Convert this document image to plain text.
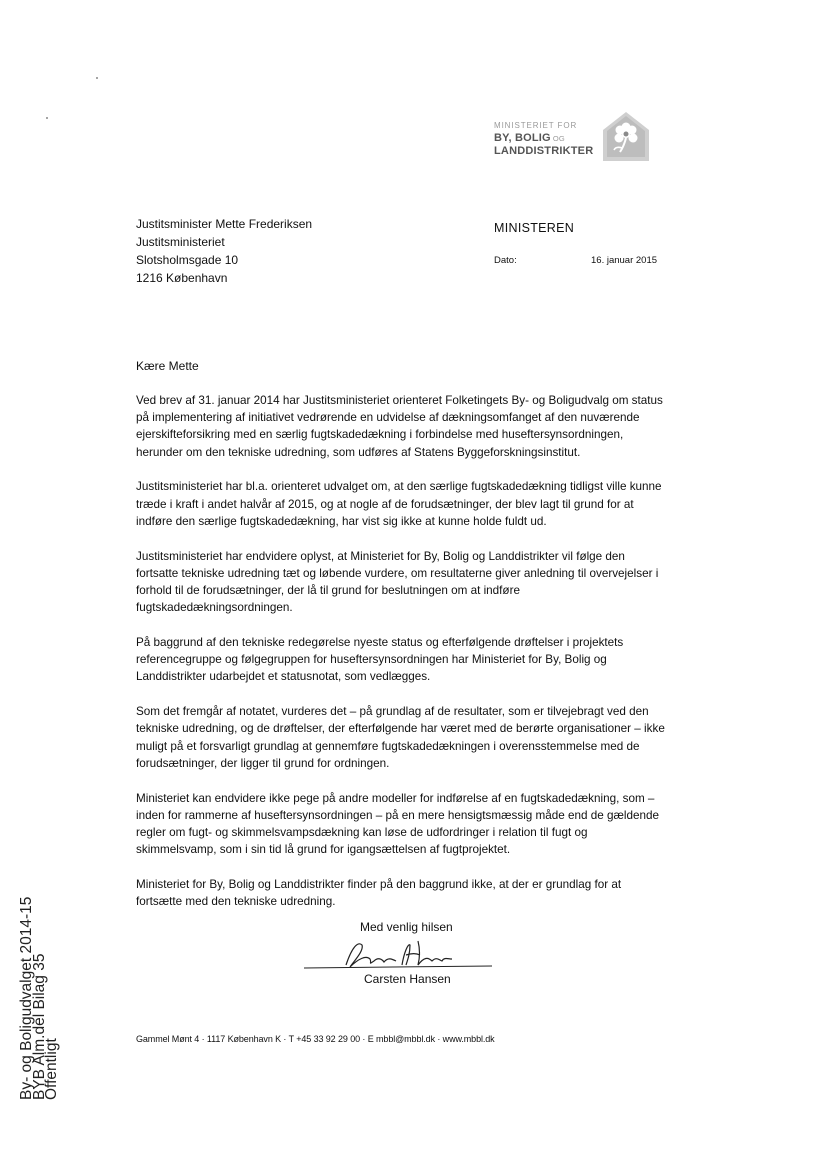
MINISTERIET FOR
BY, BOLIG OG
LANDDISTRIKTER
Justitsminister Mette Frederiksen
Justitsministeriet
Slotsholmsgade 10
1216 København
MINISTEREN
Dato:	16. januar 2015
Kære Mette

Ved brev af 31. januar 2014 har Justitsministeriet orienteret Folketingets By- og Boligudvalg om status
på implementering af initiativet vedrørende en udvidelse af dækningsomfanget af den nuværende
ejerskifteforsikring med en særlig fugtskadedækning i forbindelse med huseftersynsordningen,
herunder om den tekniske udredning, som udføres af Statens Byggeforskningsinstitut.

Justitsministeriet har bl.a. orienteret udvalget om, at den særlige fugtskadedækning tidligst ville kunne
træde i kraft i andet halvår af 2015, og at nogle af de forudsætninger, der blev lagt til grund for at
indføre den særlige fugtskadedækning, har vist sig ikke at kunne holde fuldt ud.

Justitsministeriet har endvidere oplyst, at Ministeriet for By, Bolig og Landdistrikter vil følge den
fortsatte tekniske udredning tæt og løbende vurdere, om resultaterne giver anledning til overvejelser i
forhold til de forudsætninger, der lå til grund for beslutningen om at indføre
fugtskadedækningsordningen.

På baggrund af den tekniske redegørelse nyeste status og efterfølgende drøftelser i projektets
referencegruppe og følgegruppen for huseftersynsordningen har Ministeriet for By, Bolig og
Landdistrikter udarbejdet et statusnotat, som vedlægges.

Som det fremgår af notatet, vurderes det – på grundlag af de resultater, som er tilvejebragt ved den
tekniske udredning, og de drøftelser, der efterfølgende har været med de berørte organisationer – ikke
muligt på et forsvarligt grundlag at gennemføre fugtskadedækningen i overensstemmelse med de
forudsætninger, der ligger til grund for ordningen.

Ministeriet kan endvidere ikke pege på andre modeller for indførelse af en fugtskadedækning, som –
inden for rammerne af huseftersynsordningen – på en mere hensigtsmæssig måde end de gældende
regler om fugt- og skimmelsvampsdækning kan løse de udfordringer i relation til fugt og
skimmelsvamp, som i sin tid lå grund for igangsættelsen af fugtprojektet.

Ministeriet for By, Bolig og Landdistrikter finder på den baggrund ikke, at der er grundlag for at
fortsætte med den tekniske udredning.

Med venlig hilsen
Carsten Hansen
Gammel Mønt 4 · 1117 København K · T +45 33 92 29 00 · E mbbl@mbbl.dk · www.mbbl.dk
By- og Boligudvalget 2014-15
BYB Alm.del Bilag 35
Offentligt
